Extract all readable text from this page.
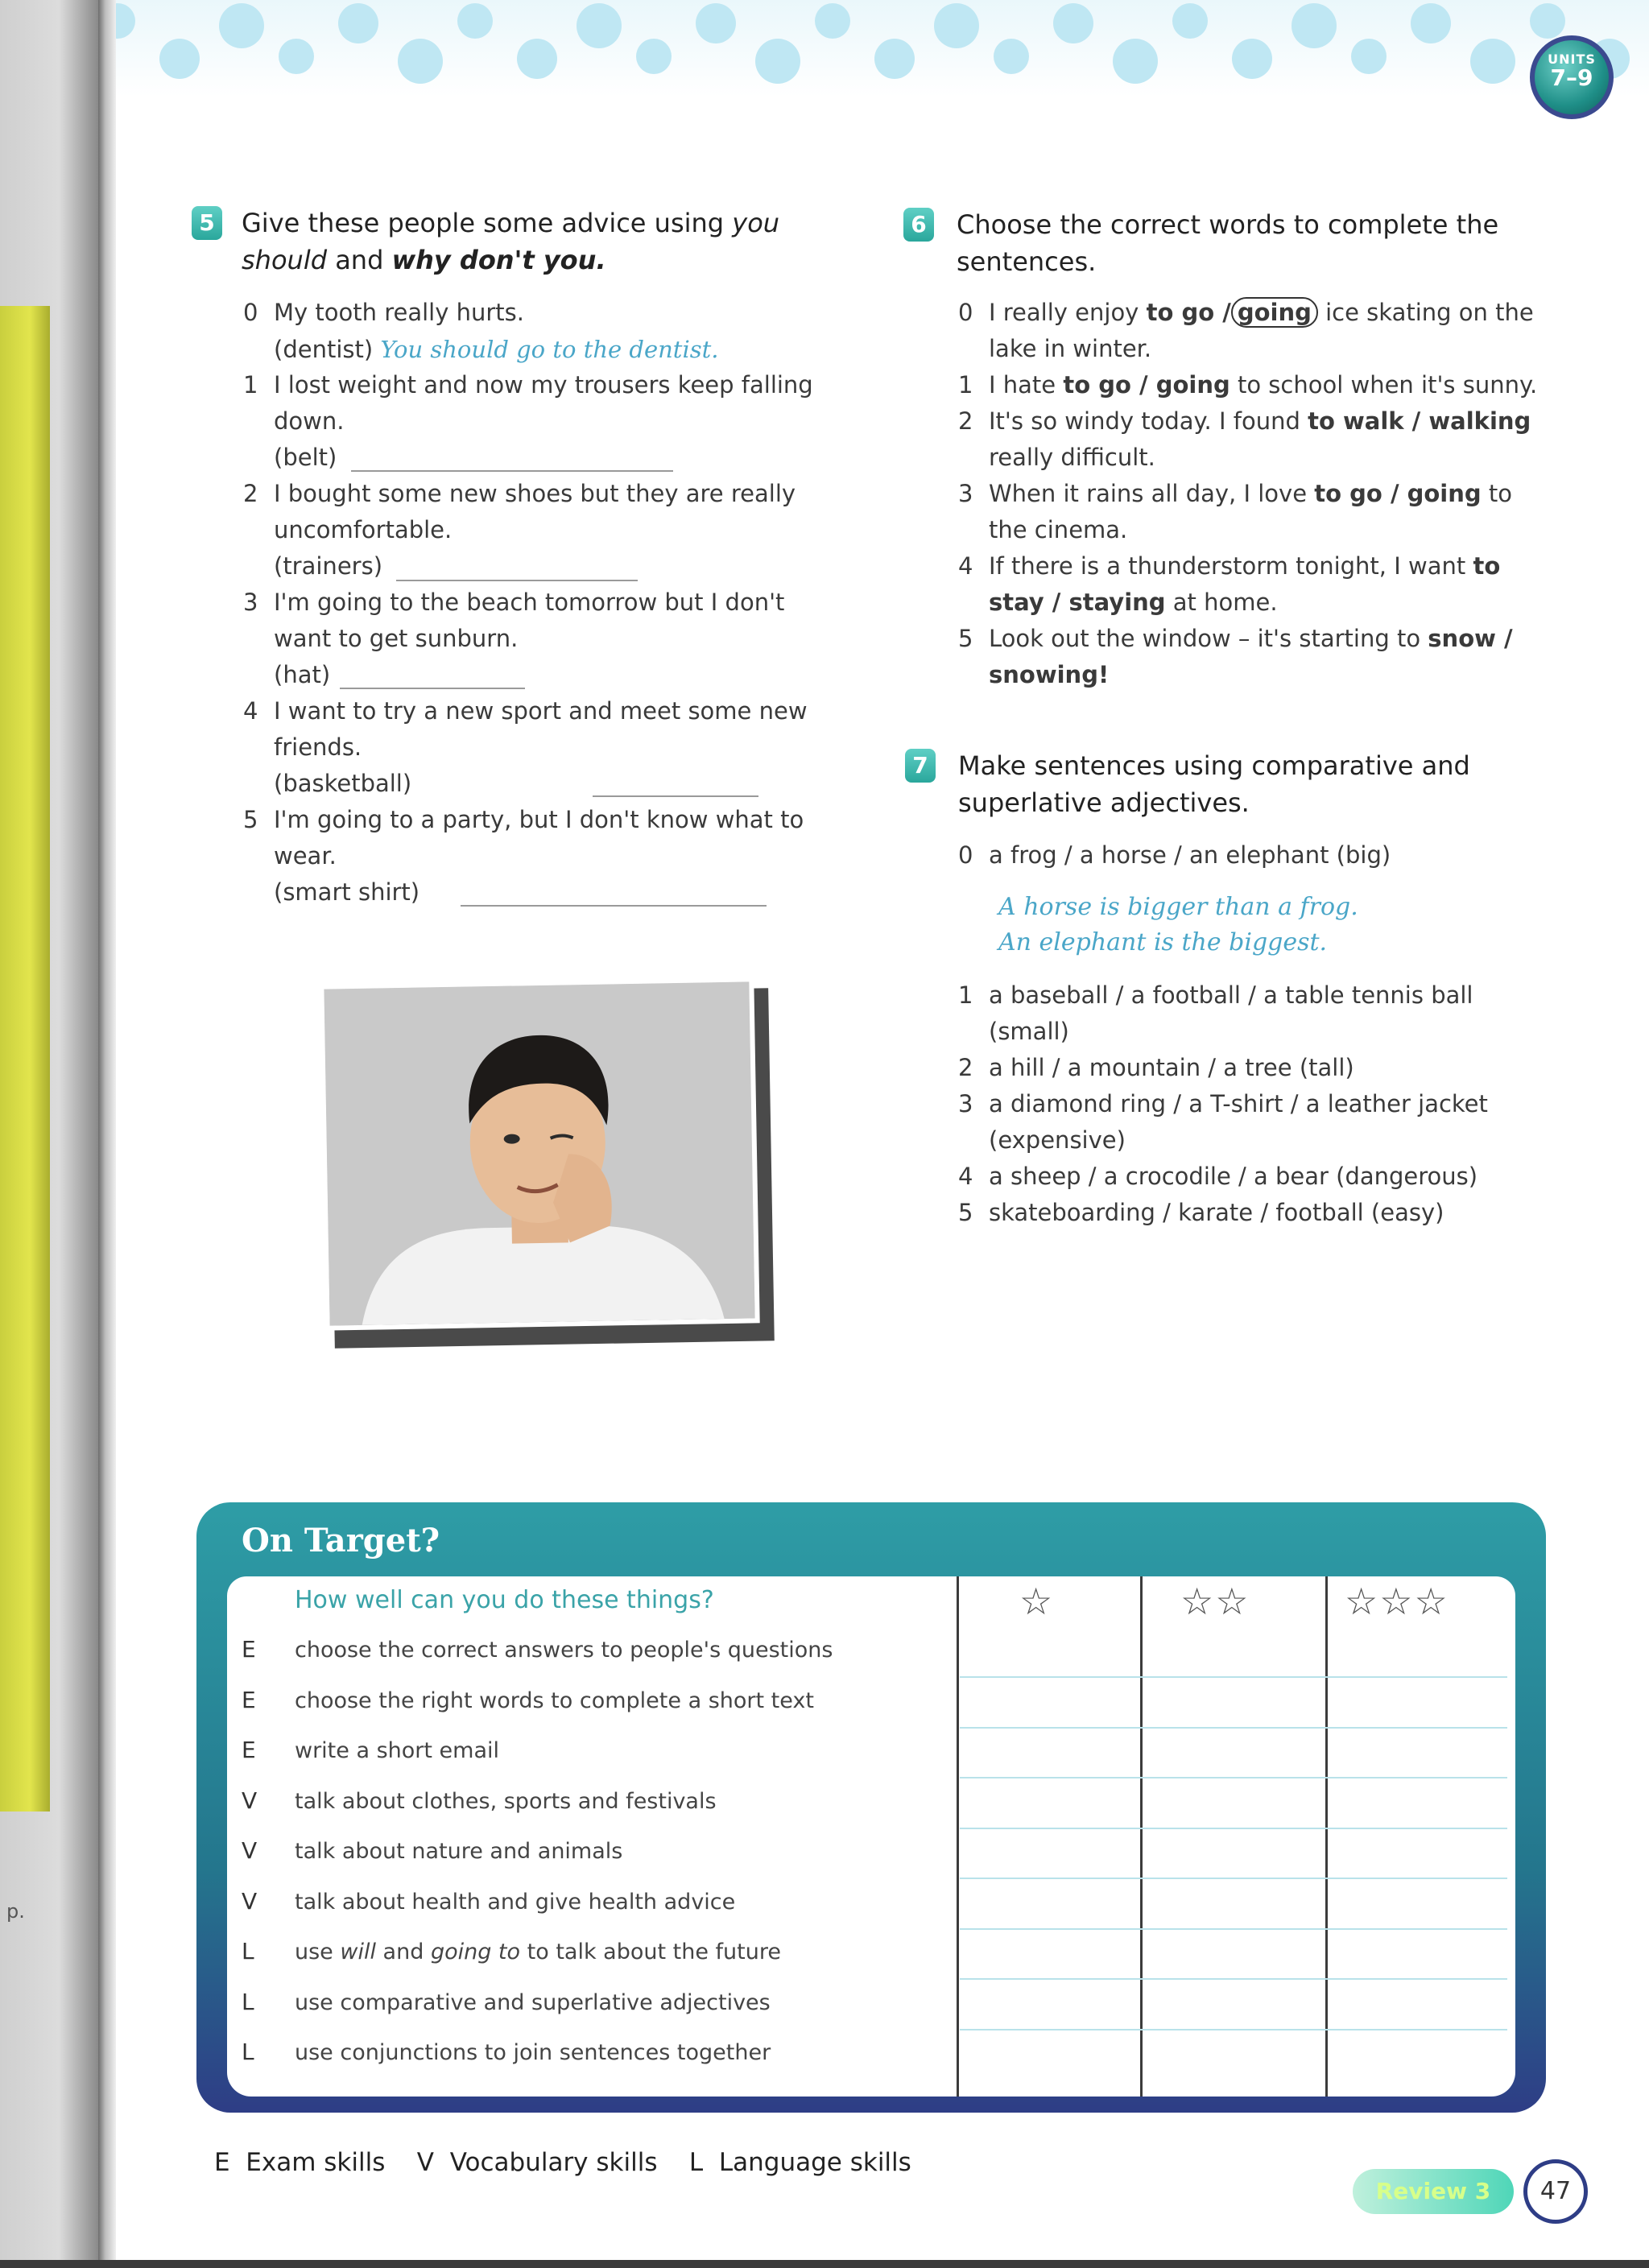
p.
UNITS
7–9
5 Give these people some advice using you should and why don't you.
0 My tooth really hurts.
(dentist) You should go to the dentist.
1 I lost weight and now my trousers keep falling
down.
(belt)
2 I bought some new shoes but they are really
uncomfortable.
(trainers)
3 I'm going to the beach tomorrow but I don't
want to get sunburn.
(hat)
4 I want to try a new sport and meet some new
friends.
(basketball)
5 I'm going to a party, but I don't know what to
wear.
(smart shirt)
6 Choose the correct words to complete the
sentences.
0 I really enjoy to go / going ice skating on the
lake in winter.
1 I hate to go / going to school when it's sunny.
2 It's so windy today. I found to walk / walking
really difficult.
3 When it rains all day, I love to go / going to
the cinema.
4 If there is a thunderstorm tonight, I want to
stay / staying at home.
5 Look out the window – it's starting to snow /
snowing!
7 Make sentences using comparative and
superlative adjectives.
0 a frog / a horse / an elephant (big)
A horse is bigger than a frog.
An elephant is the biggest.
1 a baseball / a football / a table tennis ball
(small)
2 a hill / a mountain / a tree (tall)
3 a diamond ring / a T-shirt / a leather jacket
(expensive)
4 a sheep / a crocodile / a bear (dangerous)
5 skateboarding / karate / football (easy)
On Target?
☆	☆☆	☆☆☆
How well can you do these things?
E choose the correct answers to people's questions
E choose the right words to complete a short text
E write a short email
V talk about clothes, sports and festivals
V talk about nature and animals
V talk about health and give health advice
L use will and going to to talk about the future
L use comparative and superlative adjectives
L use conjunctions to join sentences together
E  Exam skills    V  Vocabulary skills    L  Language skills
Review 3	47
